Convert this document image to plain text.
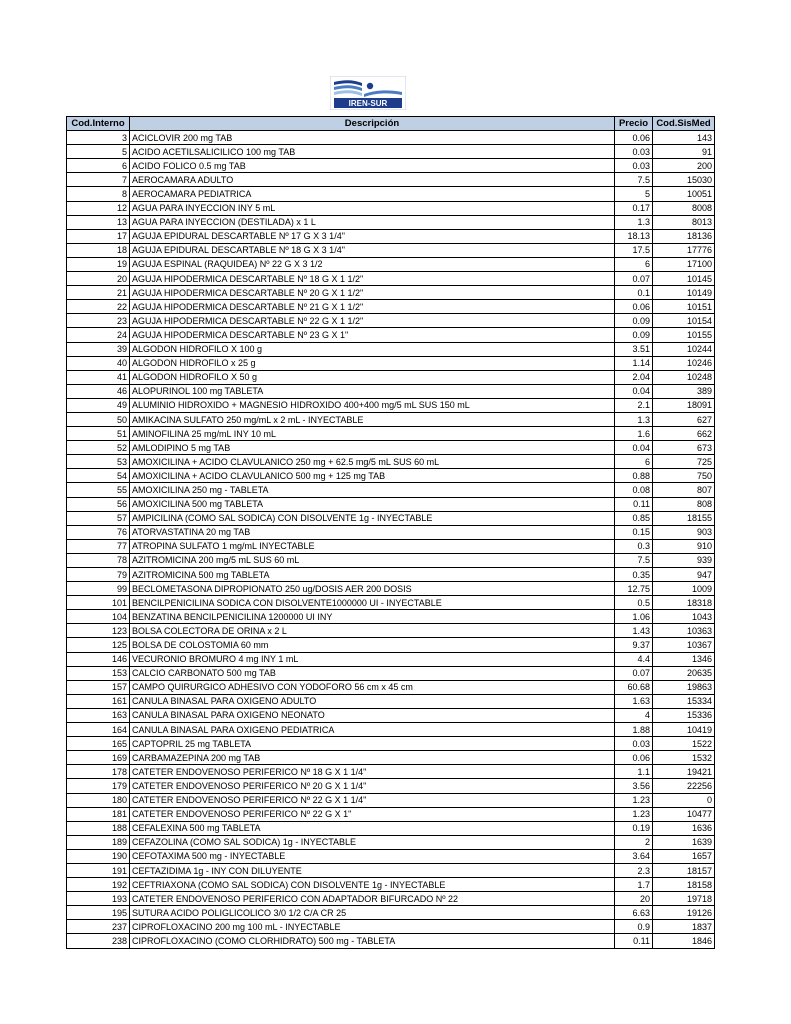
IREN-SUR
Cod.Interno	Descripción	Precio	Cod.SisMed
3	ACICLOVIR 200 mg TAB	0.06	143
5	ACIDO ACETILSALICILICO 100 mg TAB	0.03	91
6	ACIDO FOLICO 0.5 mg TAB	0.03	200
7	AEROCAMARA ADULTO	7.5	15030
8	AEROCAMARA PEDIATRICA	5	10051
12	AGUA PARA INYECCION INY 5 mL	0.17	8008
13	AGUA PARA INYECCION (DESTILADA) x 1 L	1.3	8013
17	AGUJA EPIDURAL DESCARTABLE Nº 17 G X 3 1/4"	18.13	18136
18	AGUJA EPIDURAL DESCARTABLE Nº 18 G X 3 1/4"	17.5	17776
19	AGUJA ESPINAL (RAQUIDEA) Nº 22 G X 3 1/2	6	17100
20	AGUJA HIPODERMICA DESCARTABLE Nº 18 G X 1 1/2"	0.07	10145
21	AGUJA HIPODERMICA DESCARTABLE Nº 20 G X 1 1/2"	0.1	10149
22	AGUJA HIPODERMICA DESCARTABLE Nº 21 G X 1 1/2"	0.06	10151
23	AGUJA HIPODERMICA DESCARTABLE Nº 22 G X 1 1/2"	0.09	10154
24	AGUJA HIPODERMICA DESCARTABLE Nº 23 G X 1"	0.09	10155
39	ALGODON HIDROFILO X 100 g	3.51	10244
40	ALGODON HIDROFILO x 25 g	1.14	10246
41	ALGODON HIDROFILO X 50 g	2.04	10248
46	ALOPURINOL 100 mg TABLETA	0.04	389
49	ALUMINIO HIDROXIDO + MAGNESIO HIDROXIDO 400+400 mg/5 mL SUS 150 mL	2.1	18091
50	AMIKACINA SULFATO 250 mg/mL x 2 mL - INYECTABLE	1.3	627
51	AMINOFILINA 25 mg/mL INY 10 mL	1.6	662
52	AMLODIPINO 5 mg TAB	0.04	673
53	AMOXICILINA + ACIDO CLAVULANICO 250 mg + 62.5 mg/5 mL SUS 60 mL	6	725
54	AMOXICILINA + ACIDO CLAVULANICO 500 mg + 125 mg TAB	0.88	750
55	AMOXICILINA 250 mg - TABLETA	0.08	807
56	AMOXICILINA 500 mg TABLETA	0.11	808
57	AMPICILINA (COMO SAL SODICA) CON DISOLVENTE 1g - INYECTABLE	0.85	18155
76	ATORVASTATINA 20 mg TAB	0.15	903
77	ATROPINA SULFATO 1 mg/mL INYECTABLE	0.3	910
78	AZITROMICINA 200 mg/5 mL SUS 60 mL	7.5	939
79	AZITROMICINA 500 mg TABLETA	0.35	947
99	BECLOMETASONA DIPROPIONATO 250 ug/DOSIS AER 200 DOSIS	12.75	1009
101	BENCILPENICILINA SODICA CON DISOLVENTE1000000 UI - INYECTABLE	0.5	18318
104	BENZATINA BENCILPENICILINA 1200000 UI INY	1.06	1043
123	BOLSA COLECTORA DE ORINA x 2 L	1.43	10363
125	BOLSA DE COLOSTOMIA 60 mm	9.37	10367
146	VECURONIO BROMURO 4 mg INY 1 mL	4.4	1346
153	CALCIO CARBONATO 500 mg TAB	0.07	20635
157	CAMPO QUIRURGICO ADHESIVO CON YODOFORO 56 cm x 45 cm	60.68	19863
161	CANULA BINASAL PARA OXIGENO ADULTO	1.63	15334
163	CANULA BINASAL PARA OXIGENO NEONATO	4	15336
164	CANULA BINASAL PARA OXIGENO PEDIATRICA	1.88	10419
165	CAPTOPRIL 25 mg TABLETA	0.03	1522
169	CARBAMAZEPINA 200 mg TAB	0.06	1532
178	CATETER ENDOVENOSO PERIFERICO Nº 18 G X 1 1/4"	1.1	19421
179	CATETER ENDOVENOSO PERIFERICO Nº 20 G X 1 1/4"	3.56	22256
180	CATETER ENDOVENOSO PERIFERICO Nº 22 G X 1 1/4"	1.23	0
181	CATETER ENDOVENOSO PERIFERICO Nº 22 G X 1"	1.23	10477
188	CEFALEXINA 500 mg TABLETA	0.19	1636
189	CEFAZOLINA (COMO SAL SODICA) 1g - INYECTABLE	2	1639
190	CEFOTAXIMA 500 mg - INYECTABLE	3.64	1657
191	CEFTAZIDIMA 1g - INY CON DILUYENTE	2.3	18157
192	CEFTRIAXONA (COMO SAL SODICA) CON DISOLVENTE 1g - INYECTABLE	1.7	18158
193	CATETER ENDOVENOSO PERIFERICO CON ADAPTADOR BIFURCADO Nº 22	20	19718
195	SUTURA ACIDO POLIGLICOLICO 3/0 1/2 C/A CR 25	6.63	19126
237	CIPROFLOXACINO 200 mg 100 mL - INYECTABLE	0.9	1837
238	CIPROFLOXACINO (COMO CLORHIDRATO) 500 mg - TABLETA	0.11	1846
